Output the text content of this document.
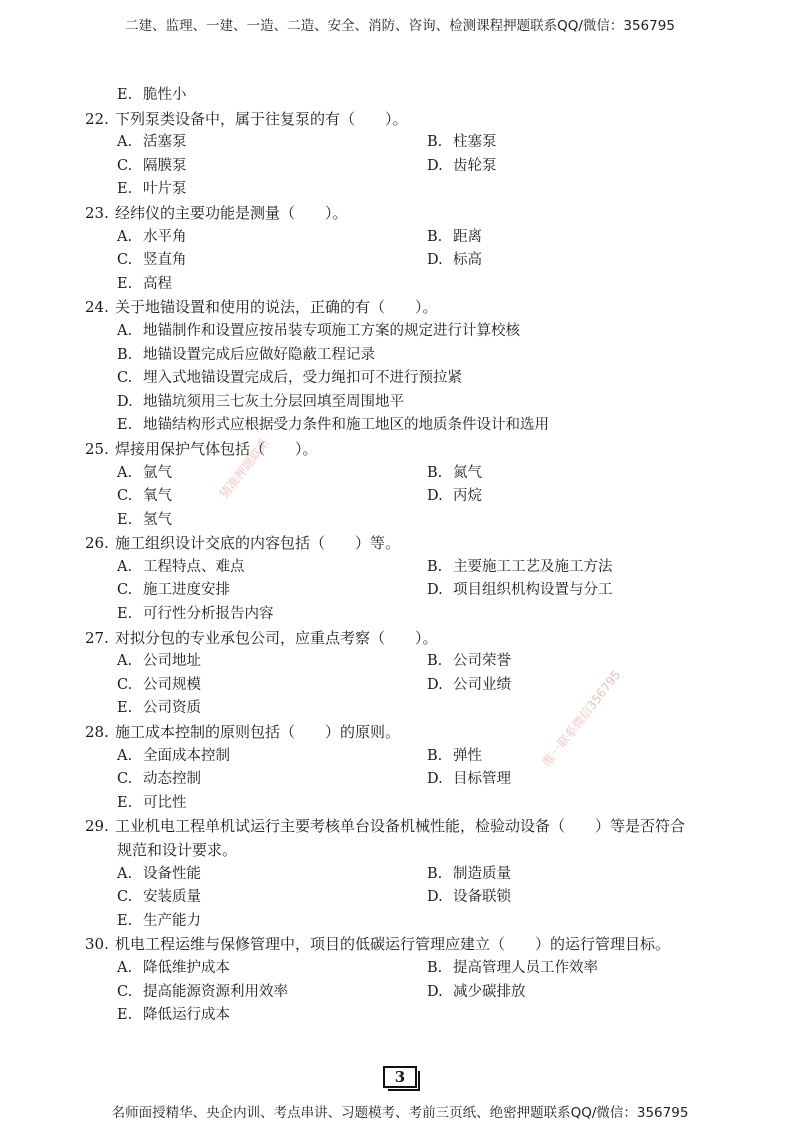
二建、监理、一建、一造、二造、安全、消防、咨询、检测课程押题联系QQ/微信：356795
猜准押题联系
唯一联系微信356795
E. 脆性小
22. 下列泵类设备中，属于往复泵的有（　　）。
A. 活塞泵	B. 柱塞泵
C. 隔膜泵	D. 齿轮泵
E. 叶片泵
23. 经纬仪的主要功能是测量（　　）。
A. 水平角	B. 距离
C. 竖直角	D. 标高
E. 高程
24. 关于地锚设置和使用的说法，正确的有（　　）。
A. 地锚制作和设置应按吊装专项施工方案的规定进行计算校核
B. 地锚设置完成后应做好隐蔽工程记录
C. 埋入式地锚设置完成后，受力绳扣可不进行预拉紧
D. 地锚坑须用三七灰土分层回填至周围地平
E. 地锚结构形式应根据受力条件和施工地区的地质条件设计和选用
25. 焊接用保护气体包括（　　）。
A. 氩气	B. 氮气
C. 氧气	D. 丙烷
E. 氢气
26. 施工组织设计交底的内容包括（　　）等。
A. 工程特点、难点	B. 主要施工工艺及施工方法
C. 施工进度安排	D. 项目组织机构设置与分工
E. 可行性分析报告内容
27. 对拟分包的专业承包公司，应重点考察（　　）。
A. 公司地址	B. 公司荣誉
C. 公司规模	D. 公司业绩
E. 公司资质
28. 施工成本控制的原则包括（　　）的原则。
A. 全面成本控制	B. 弹性
C. 动态控制	D. 目标管理
E. 可比性
29. 工业机电工程单机试运行主要考核单台设备机械性能，检验动设备（　　）等是否符合
规范和设计要求。
A. 设备性能	B. 制造质量
C. 安装质量	D. 设备联锁
E. 生产能力
30. 机电工程运维与保修管理中，项目的低碳运行管理应建立（　　）的运行管理目标。
A. 降低维护成本	B. 提高管理人员工作效率
C. 提高能源资源利用效率	D. 减少碳排放
E. 降低运行成本
3
名师面授精华、央企内训、考点串讲、习题模考、考前三页纸、绝密押题联系QQ/微信：356795
